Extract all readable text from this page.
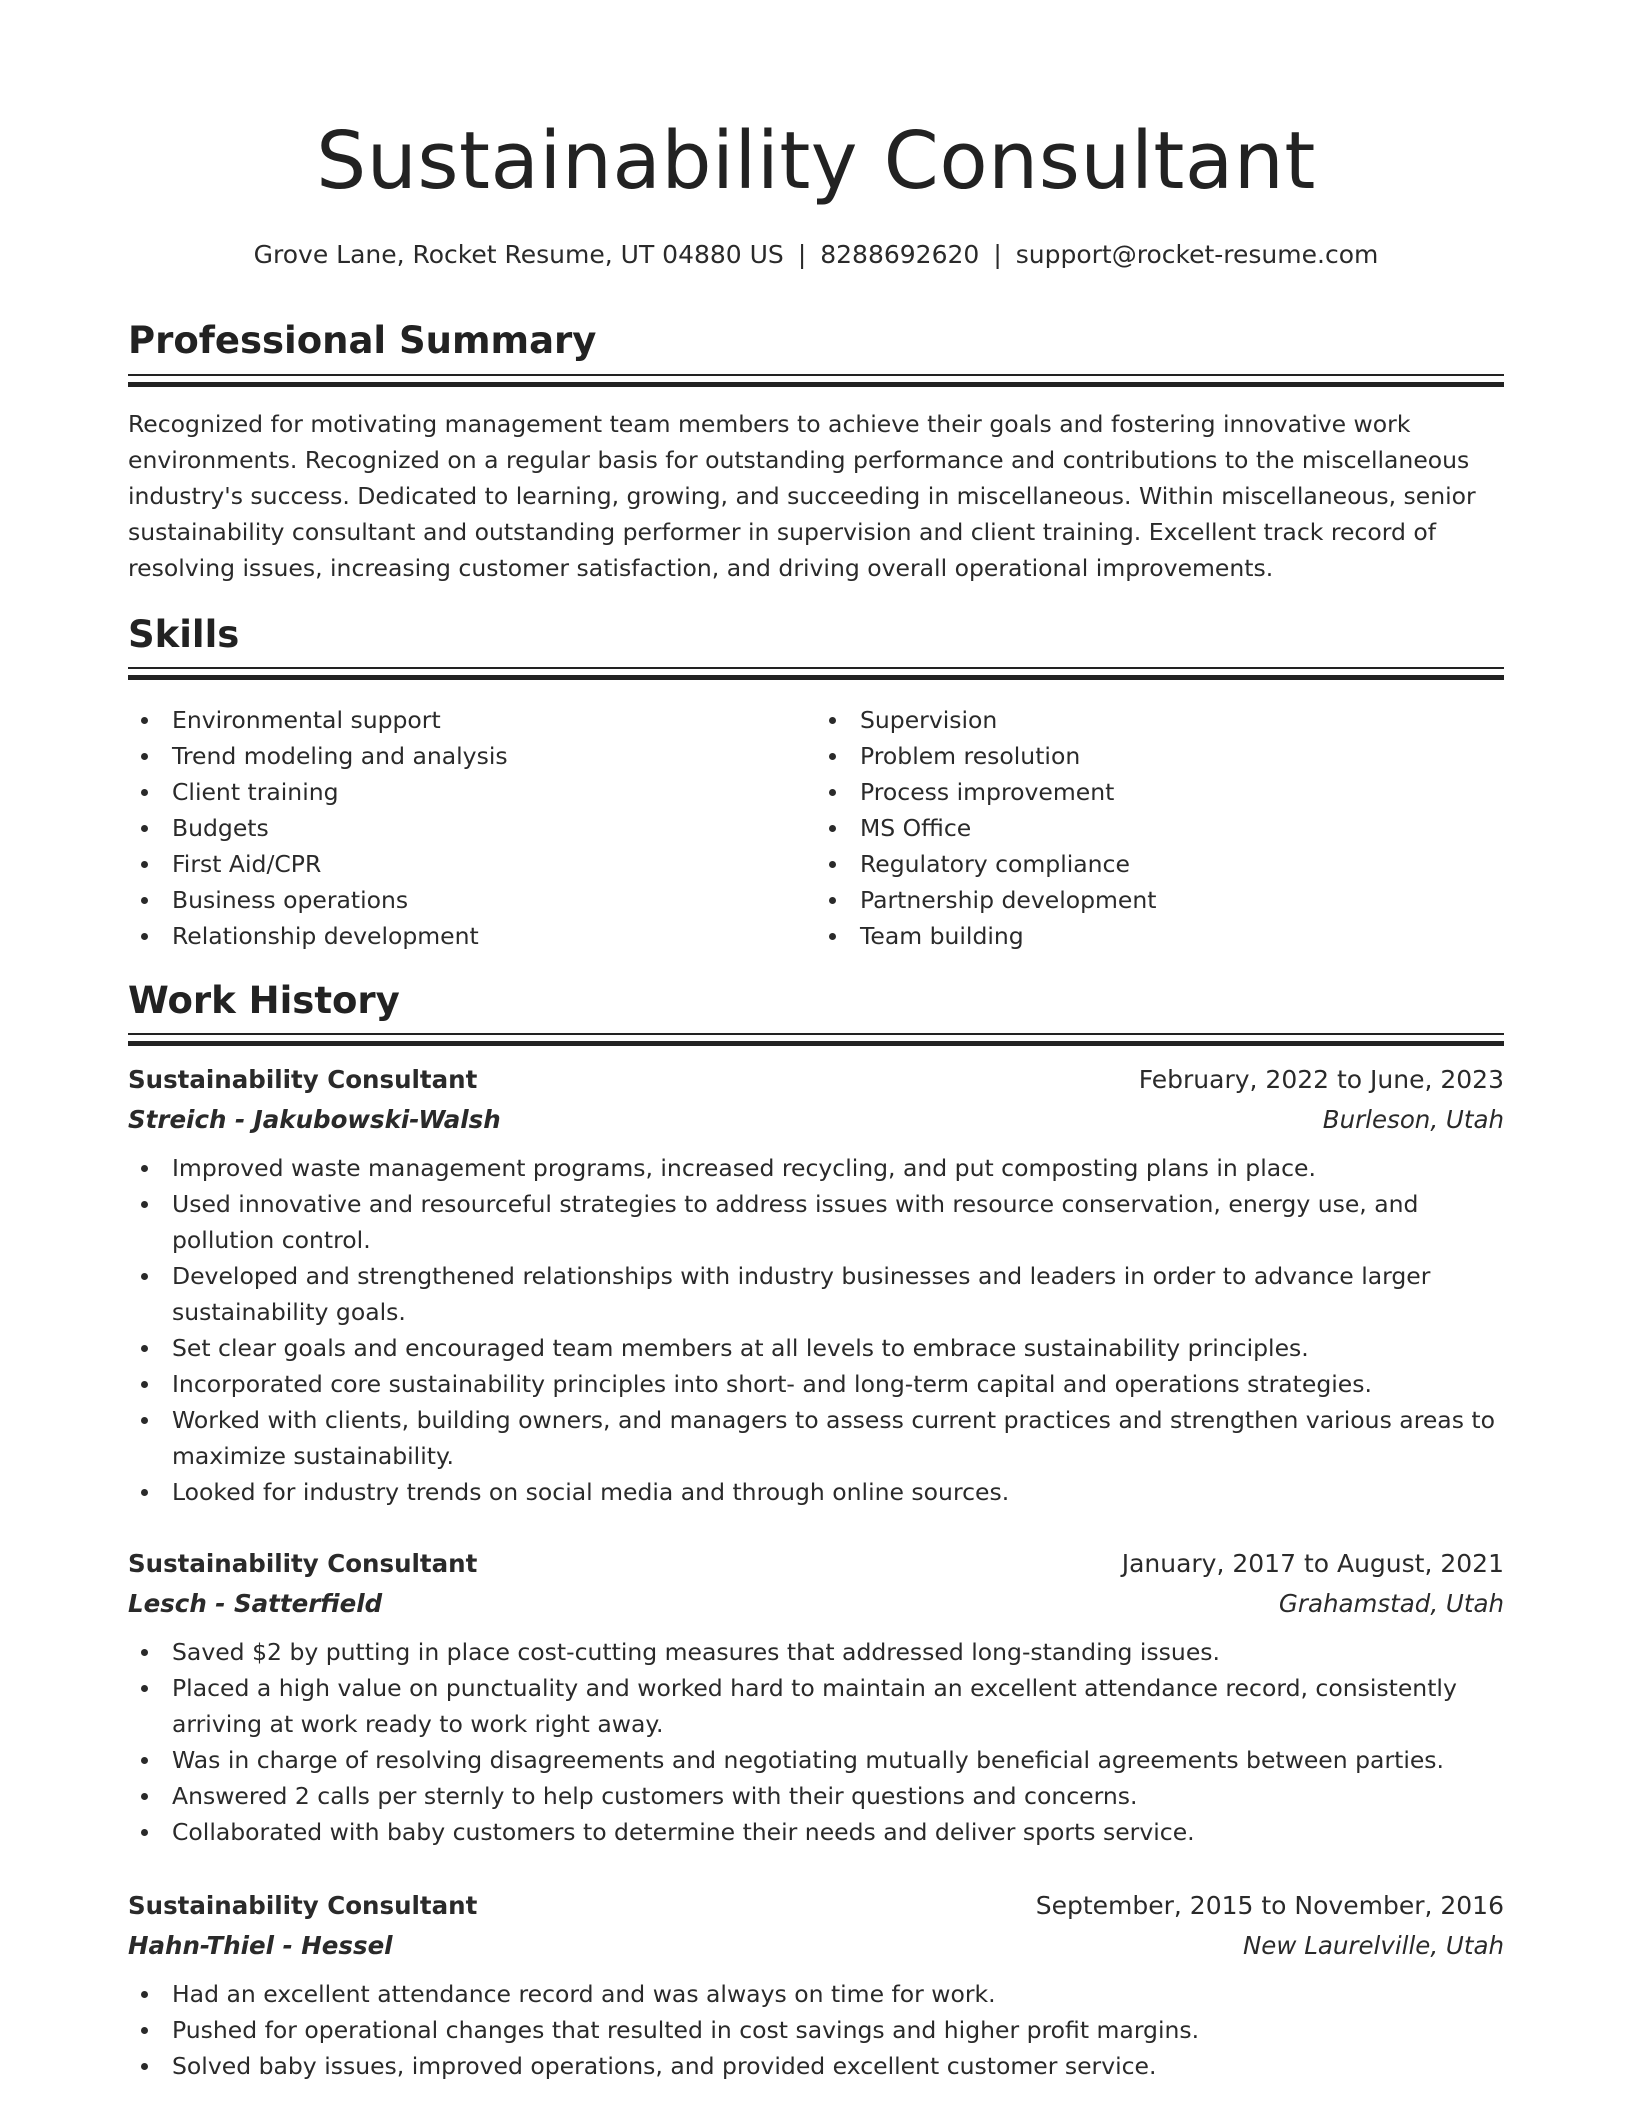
Sustainability Consultant
Grove Lane, Rocket Resume, UT 04880 US | 8288692620 | support@rocket-resume.com
Professional Summary

Recognized for motivating management team members to achieve their goals and fostering innovative work environments. Recognized on a regular basis for outstanding performance and contributions to the miscellaneous industry's success. Dedicated to learning, growing, and succeeding in miscellaneous. Within miscellaneous, senior sustainability consultant and outstanding performer in supervision and client training. Excellent track record of resolving issues, increasing customer satisfaction, and driving overall operational improvements.

Skills
Environmental support
Trend modeling and analysis
Client training
Budgets
First Aid/CPR
Business operations
Relationship development
Supervision
Problem resolution
Process improvement
MS Office
Regulatory compliance
Partnership development
Team building
Work History
Sustainability Consultant	February, 2022 to June, 2023
Streich - Jakubowski-Walsh	Burleson, Utah
Improved waste management programs, increased recycling, and put composting plans in place.
Used innovative and resourceful strategies to address issues with resource conservation, energy use, and pollution control.
Developed and strengthened relationships with industry businesses and leaders in order to advance larger sustainability goals.
Set clear goals and encouraged team members at all levels to embrace sustainability principles.
Incorporated core sustainability principles into short- and long-term capital and operations strategies.
Worked with clients, building owners, and managers to assess current practices and strengthen various areas to maximize sustainability.
Looked for industry trends on social media and through online sources.
Sustainability Consultant	January, 2017 to August, 2021
Lesch - Satterfield	Grahamstad, Utah
Saved $2 by putting in place cost-cutting measures that addressed long-standing issues.
Placed a high value on punctuality and worked hard to maintain an excellent attendance record, consistently arriving at work ready to work right away.
Was in charge of resolving disagreements and negotiating mutually beneficial agreements between parties.
Answered 2 calls per sternly to help customers with their questions and concerns.
Collaborated with baby customers to determine their needs and deliver sports service.
Sustainability Consultant	September, 2015 to November, 2016
Hahn-Thiel - Hessel	New Laurelville, Utah
Had an excellent attendance record and was always on time for work.
Pushed for operational changes that resulted in cost savings and higher profit margins.
Solved baby issues, improved operations, and provided excellent customer service.
